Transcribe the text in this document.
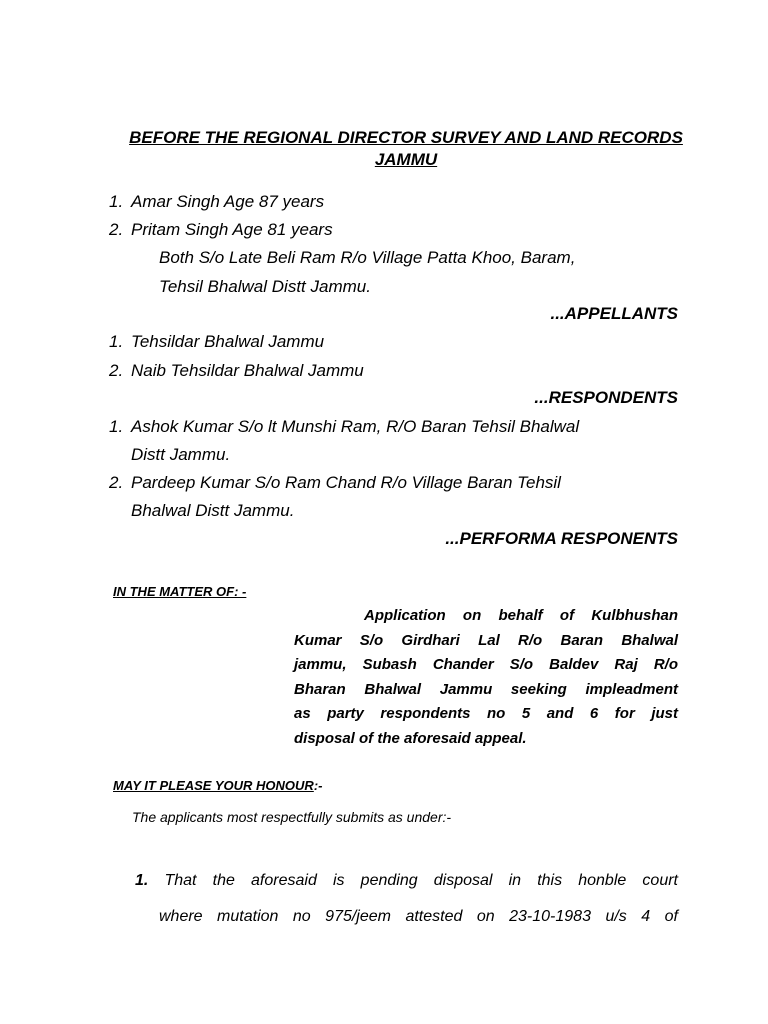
BEFORE THE REGIONAL DIRECTOR SURVEY AND LAND RECORDS
JAMMU
1. Amar Singh Age 87 years
2. Pritam Singh Age 81 years
Both S/o Late Beli Ram R/o Village Patta Khoo, Baram,
Tehsil Bhalwal Distt Jammu.
...APPELLANTS
1. Tehsildar Bhalwal Jammu
2. Naib Tehsildar Bhalwal Jammu
...RESPONDENTS
1. Ashok Kumar S/o lt Munshi Ram, R/O Baran Tehsil Bhalwal
Distt Jammu.
2. Pardeep Kumar S/o Ram Chand R/o Village Baran Tehsil
Bhalwal Distt Jammu.
...PERFORMA RESPONENTS
IN THE MATTER OF: -
Application on behalf of Kulbhushan
Kumar S/o Girdhari Lal R/o Baran Bhalwal
jammu, Subash Chander S/o Baldev Raj R/o
Bharan Bhalwal Jammu seeking impleadment
as party respondents no 5 and 6 for just
disposal of the aforesaid appeal.
MAY IT PLEASE YOUR HONOUR:-
The applicants most respectfully submits as under:-
1. That the aforesaid is pending disposal in this honble court
where mutation no 975/jeem attested on 23-10-1983 u/s 4 of
